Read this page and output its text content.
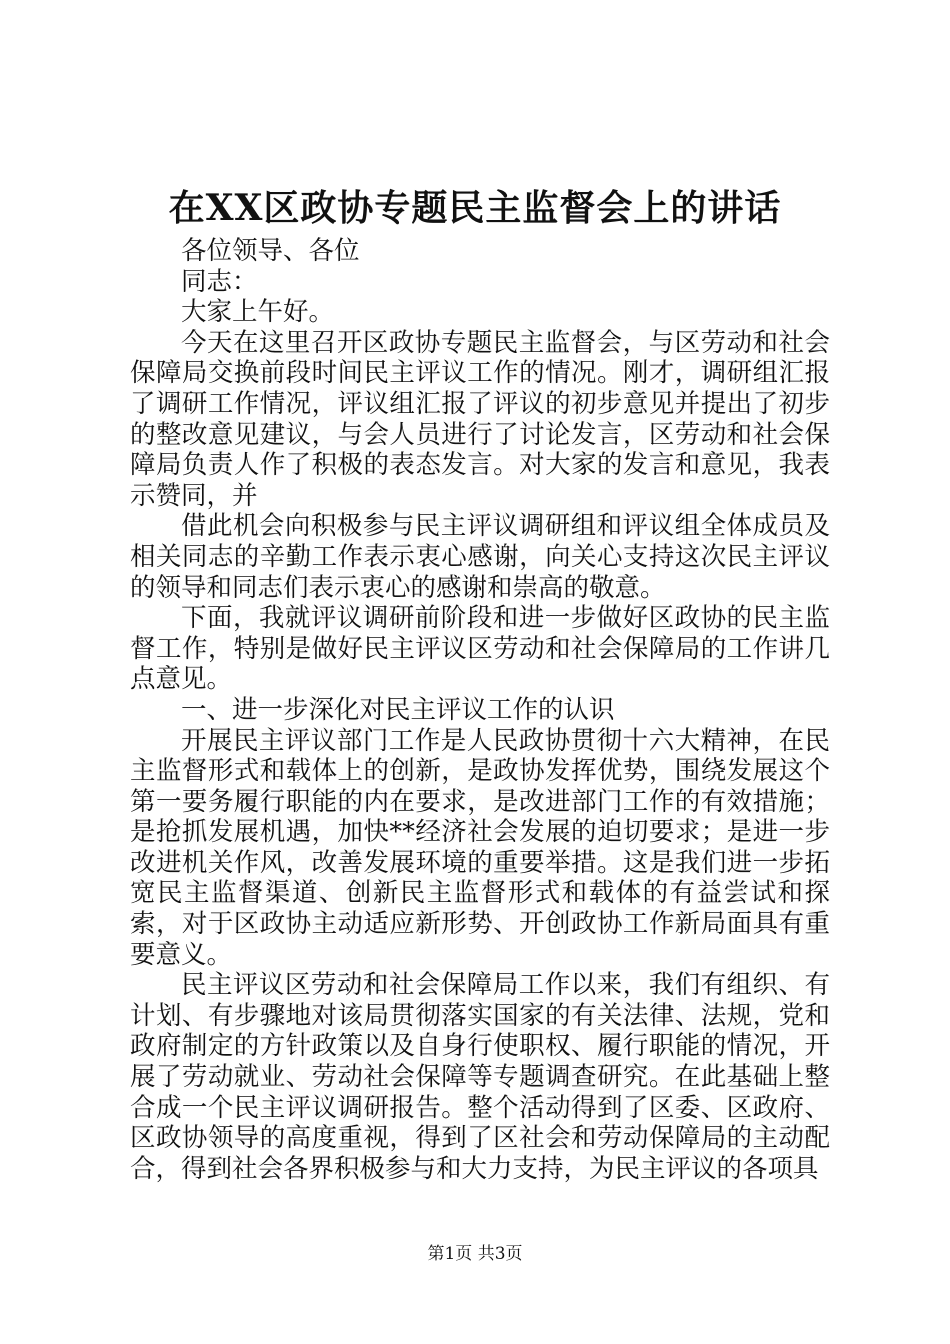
在XX区政协专题民主监督会上的讲话

各位领导、各位

同志：

大家上午好。

今天在这里召开区政协专题民主监督会，与区劳动和社会保障局交换前段时间民主评议工作的情况。刚才，调研组汇报了调研工作情况，评议组汇报了评议的初步意见并提出了初步的整改意见建议，与会人员进行了讨论发言，区劳动和社会保障局负责人作了积极的表态发言。对大家的发言和意见，我表示赞同，并

借此机会向积极参与民主评议调研组和评议组全体成员及相关同志的辛勤工作表示衷心感谢，向关心支持这次民主评议的领导和同志们表示衷心的感谢和崇高的敬意。

下面，我就评议调研前阶段和进一步做好区政协的民主监督工作，特别是做好民主评议区劳动和社会保障局的工作讲几点意见。

一、进一步深化对民主评议工作的认识

开展民主评议部门工作是人民政协贯彻十六大精神，在民主监督形式和载体上的创新，是政协发挥优势，围绕发展这个第一要务履行职能的内在要求，是改进部门工作的有效措施；是抢抓发展机遇，加快**经济社会发展的迫切要求；是进一步改进机关作风，改善发展环境的重要举措。这是我们进一步拓宽民主监督渠道、创新民主监督形式和载体的有益尝试和探索，对于区政协主动适应新形势、开创政协工作新局面具有重要意义。

民主评议区劳动和社会保障局工作以来，我们有组织、有计划、有步骤地对该局贯彻落实国家的有关法律、法规，党和政府制定的方针政策以及自身行使职权、履行职能的情况，开展了劳动就业、劳动社会保障等专题调查研究。在此基础上整合成一个民主评议调研报告。整个活动得到了区委、区政府、区政协领导的高度重视，得到了区社会和劳动保障局的主动配合，得到社会各界积极参与和大力支持，为民主评议的各项具

第1页 共3页
